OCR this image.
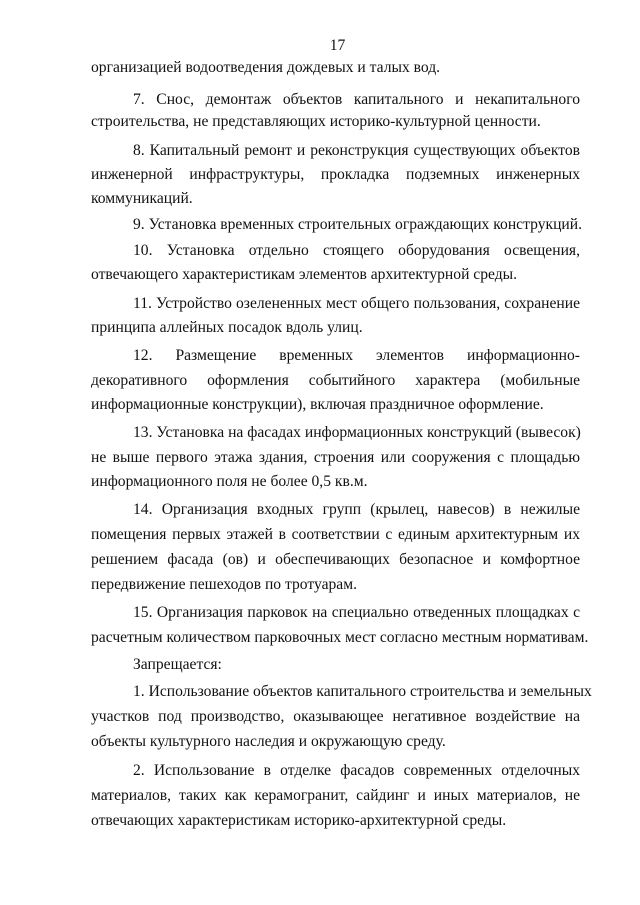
17
организацией водоотведения дождевых и талых вод.
7. Снос, демонтаж объектов капитального и некапитального
строительства, не представляющих историко-культурной ценности.
8. Капитальный ремонт и реконструкция существующих объектов
инженерной инфраструктуры, прокладка подземных инженерных
коммуникаций.
9. Установка временных строительных ограждающих конструкций.
10. Установка отдельно стоящего оборудования освещения,
отвечающего характеристикам элементов архитектурной среды.
11. Устройство озелененных мест общего пользования, сохранение
принципа аллейных посадок вдоль улиц.
12. Размещение временных элементов информационно-
декоративного оформления событийного характера (мобильные
информационные конструкции), включая праздничное оформление.
13. Установка на фасадах информационных конструкций (вывесок)
не выше первого этажа здания, строения или сооружения с площадью
информационного поля не более 0,5 кв.м.
14. Организация входных групп (крылец, навесов) в нежилые
помещения первых этажей в соответствии с единым архитектурным их
решением фасада (ов) и обеспечивающих безопасное и комфортное
передвижение пешеходов по тротуарам.
15. Организация парковок на специально отведенных площадках с
расчетным количеством парковочных мест согласно местным нормативам.
Запрещается:
1. Использование объектов капитального строительства и земельных
участков под производство, оказывающее негативное воздействие на
объекты культурного наследия и окружающую среду.
2. Использование в отделке фасадов современных отделочных
материалов, таких как керамогранит, сайдинг и иных материалов, не
отвечающих характеристикам историко-архитектурной среды.
